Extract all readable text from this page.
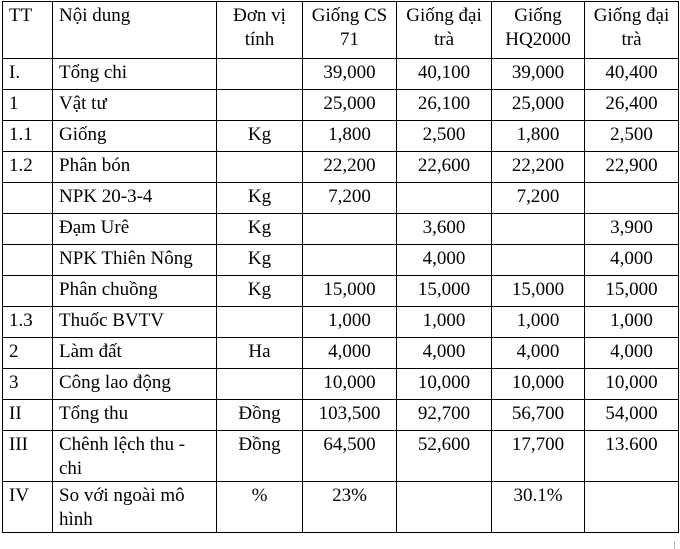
TT	Nội dung	Đơn vị tính	Giống CS 71	Giống đại trà	Giống HQ2000	Giống đại trà
I.	Tổng chi		39,000	40,100	39,000	40,400
1	Vật tư		25,000	26,100	25,000	26,400
1.1	Giống	Kg	1,800	2,500	1,800	2,500
1.2	Phân bón		22,200	22,600	22,200	22,900
	NPK 20-3-4	Kg	7,200		7,200	
	Đạm Urê	Kg		3,600		3,900
	NPK Thiên Nông	Kg		4,000		4,000
	Phân chuồng	Kg	15,000	15,000	15,000	15,000
1.3	Thuốc BVTV		1,000	1,000	1,000	1,000
2	Làm đất	Ha	4,000	4,000	4,000	4,000
3	Công lao động		10,000	10,000	10,000	10,000
II	Tổng thu	Đồng	103,500	92,700	56,700	54,000
III	Chênh lệch thu - chi	Đồng	64,500	52,600	17,700	13.600
IV	So với ngoài mô hình	%	23%		30.1%	
